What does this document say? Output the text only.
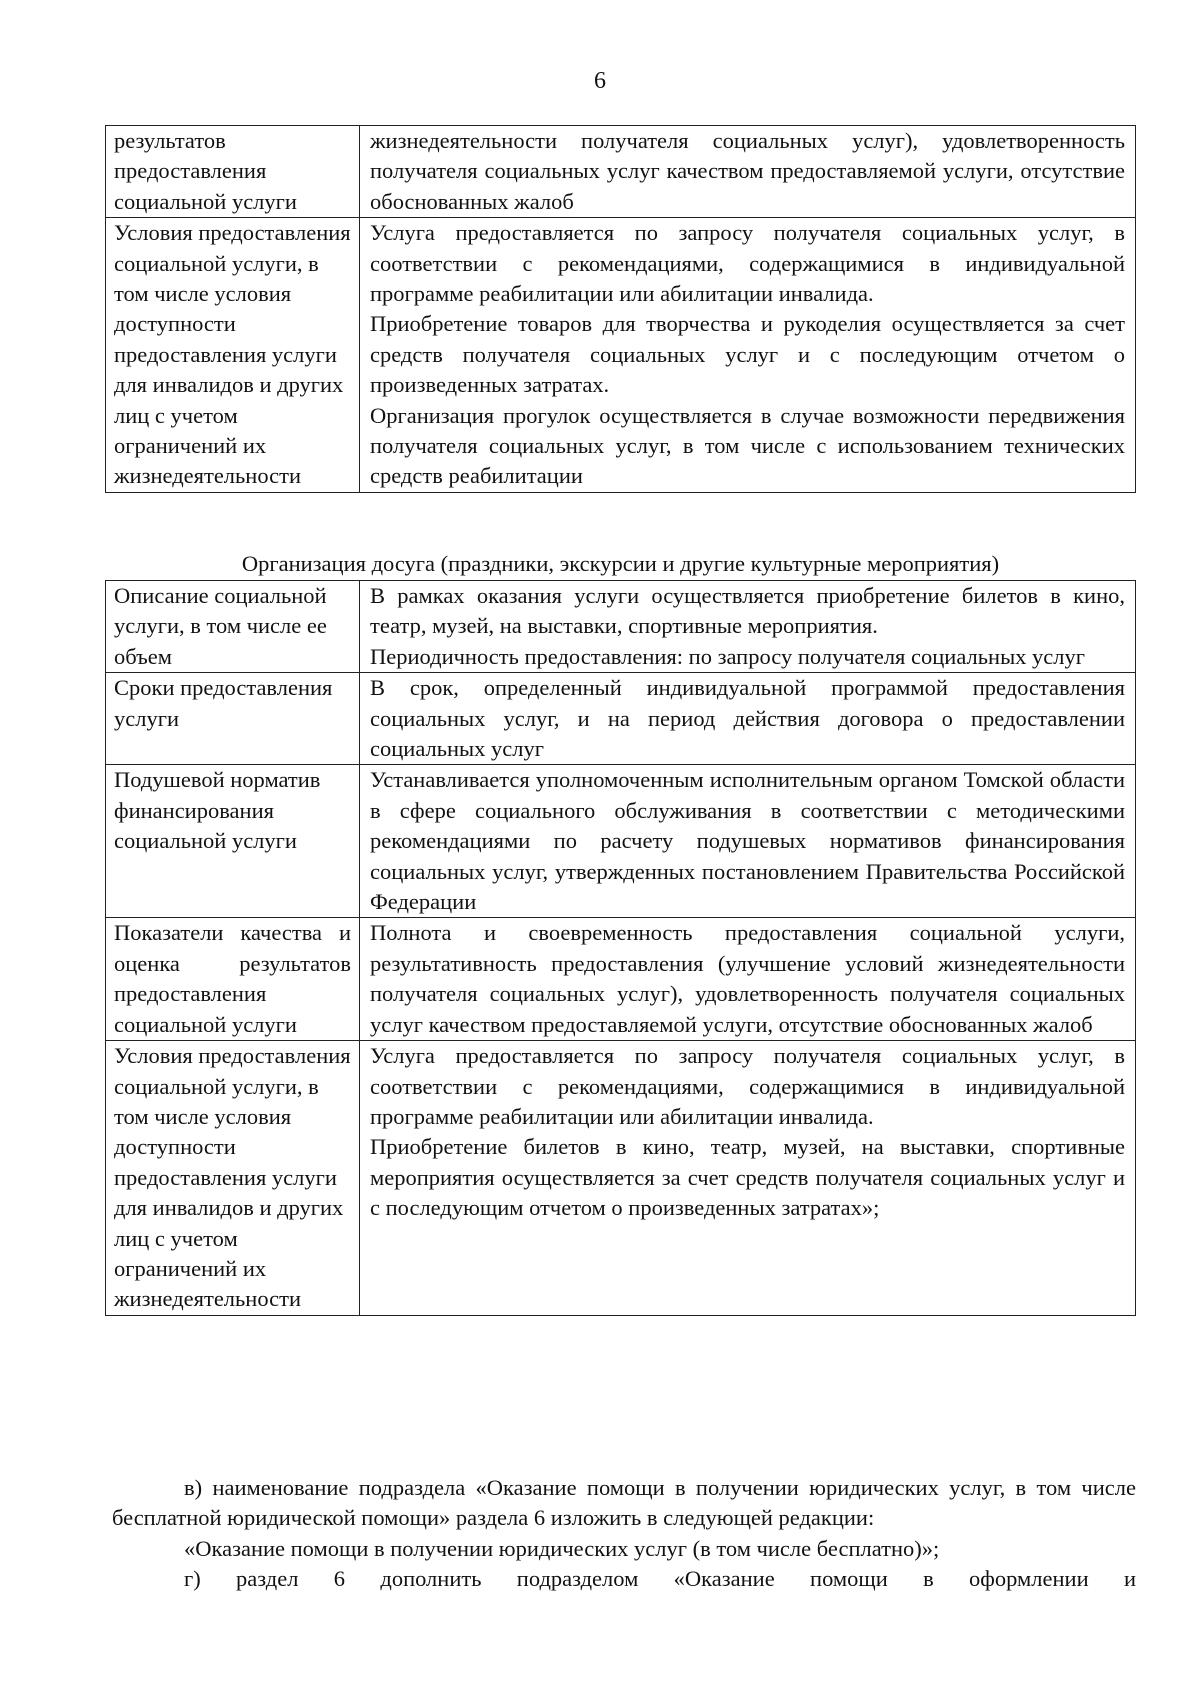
6

результатов предоставления социальной услуги	жизнедеятельности получателя социальных услуг), удовлетворенность получателя социальных услуг качеством предоставляемой услуги, отсутствие обоснованных жалоб

Условия предоставления социальной услуги, в том числе условия доступности предоставления услуги для инвалидов и других лиц с учетом ограничений их жизнедеятельности	Услуга предоставляется по запросу получателя социальных услуг, в соответствии с рекомендациями, содержащимися в индивидуальной программе реабилитации или абилитации инвалида.

Приобретение товаров для творчества и рукоделия осуществляется за счет средств получателя социальных услуг и с последующим отчетом о произведенных затратах.

Организация прогулок осуществляется в случае возможности передвижения получателя социальных услуг, в том числе с использованием технических средств реабилитации

Организация досуга (праздники, экскурсии и другие культурные мероприятия)

Описание социальной услуги, в том числе ее объем	В рамках оказания услуги осуществляется приобретение билетов в кино, театр, музей, на выставки, спортивные мероприятия.

Периодичность предоставления: по запросу получателя социальных услуг

Сроки предоставления услуги	В срок, определенный индивидуальной программой предоставления социальных услуг, и на период действия договора о предоставлении социальных услуг

Подушевой норматив финансирования социальной услуги	Устанавливается уполномоченным исполнительным органом Томской области в сфере социального обслуживания в соответствии с методическими рекомендациями по расчету подушевых нормативов финансирования социальных услуг, утвержденных постановлением Правительства Российской Федерации

Показатели качества и оценка результатов предоставления социальной услуги	Полнота и своевременность предоставления социальной услуги, результативность предоставления (улучшение условий жизнедеятельности получателя социальных услуг), удовлетворенность получателя социальных услуг качеством предоставляемой услуги, отсутствие обоснованных жалоб

Условия предоставления социальной услуги, в том числе условия доступности предоставления услуги для инвалидов и других лиц с учетом ограничений их жизнедеятельности	Услуга предоставляется по запросу получателя социальных услуг, в соответствии с рекомендациями, содержащимися в индивидуальной программе реабилитации или абилитации инвалида.

Приобретение билетов в кино, театр, музей, на выставки, спортивные мероприятия осуществляется за счет средств получателя социальных услуг и с последующим отчетом о произведенных затратах»;

в) наименование подраздела «Оказание помощи в получении юридических услуг, в том числе бесплатной юридической помощи» раздела 6 изложить в следующей редакции:

«Оказание помощи в получении юридических услуг (в том числе бесплатно)»;

г) раздел 6 дополнить подразделом «Оказание помощи в оформлении и
